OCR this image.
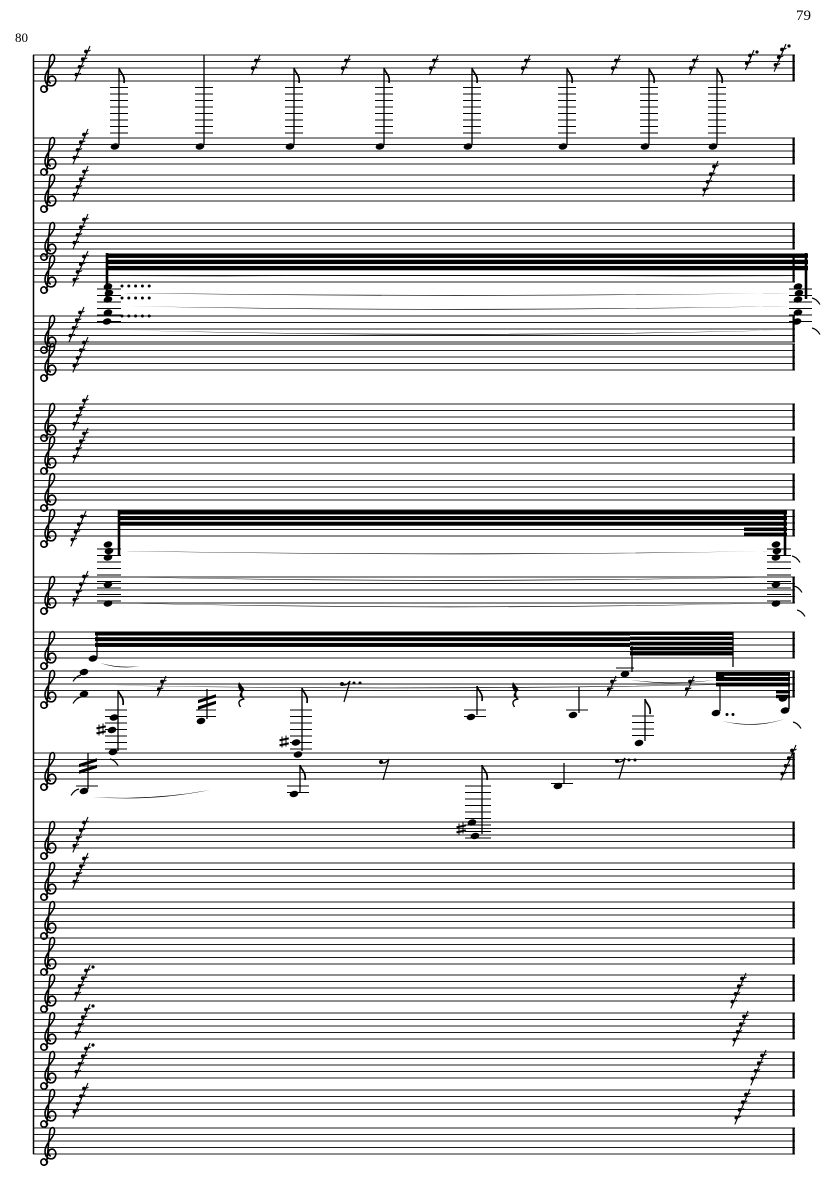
79
80
